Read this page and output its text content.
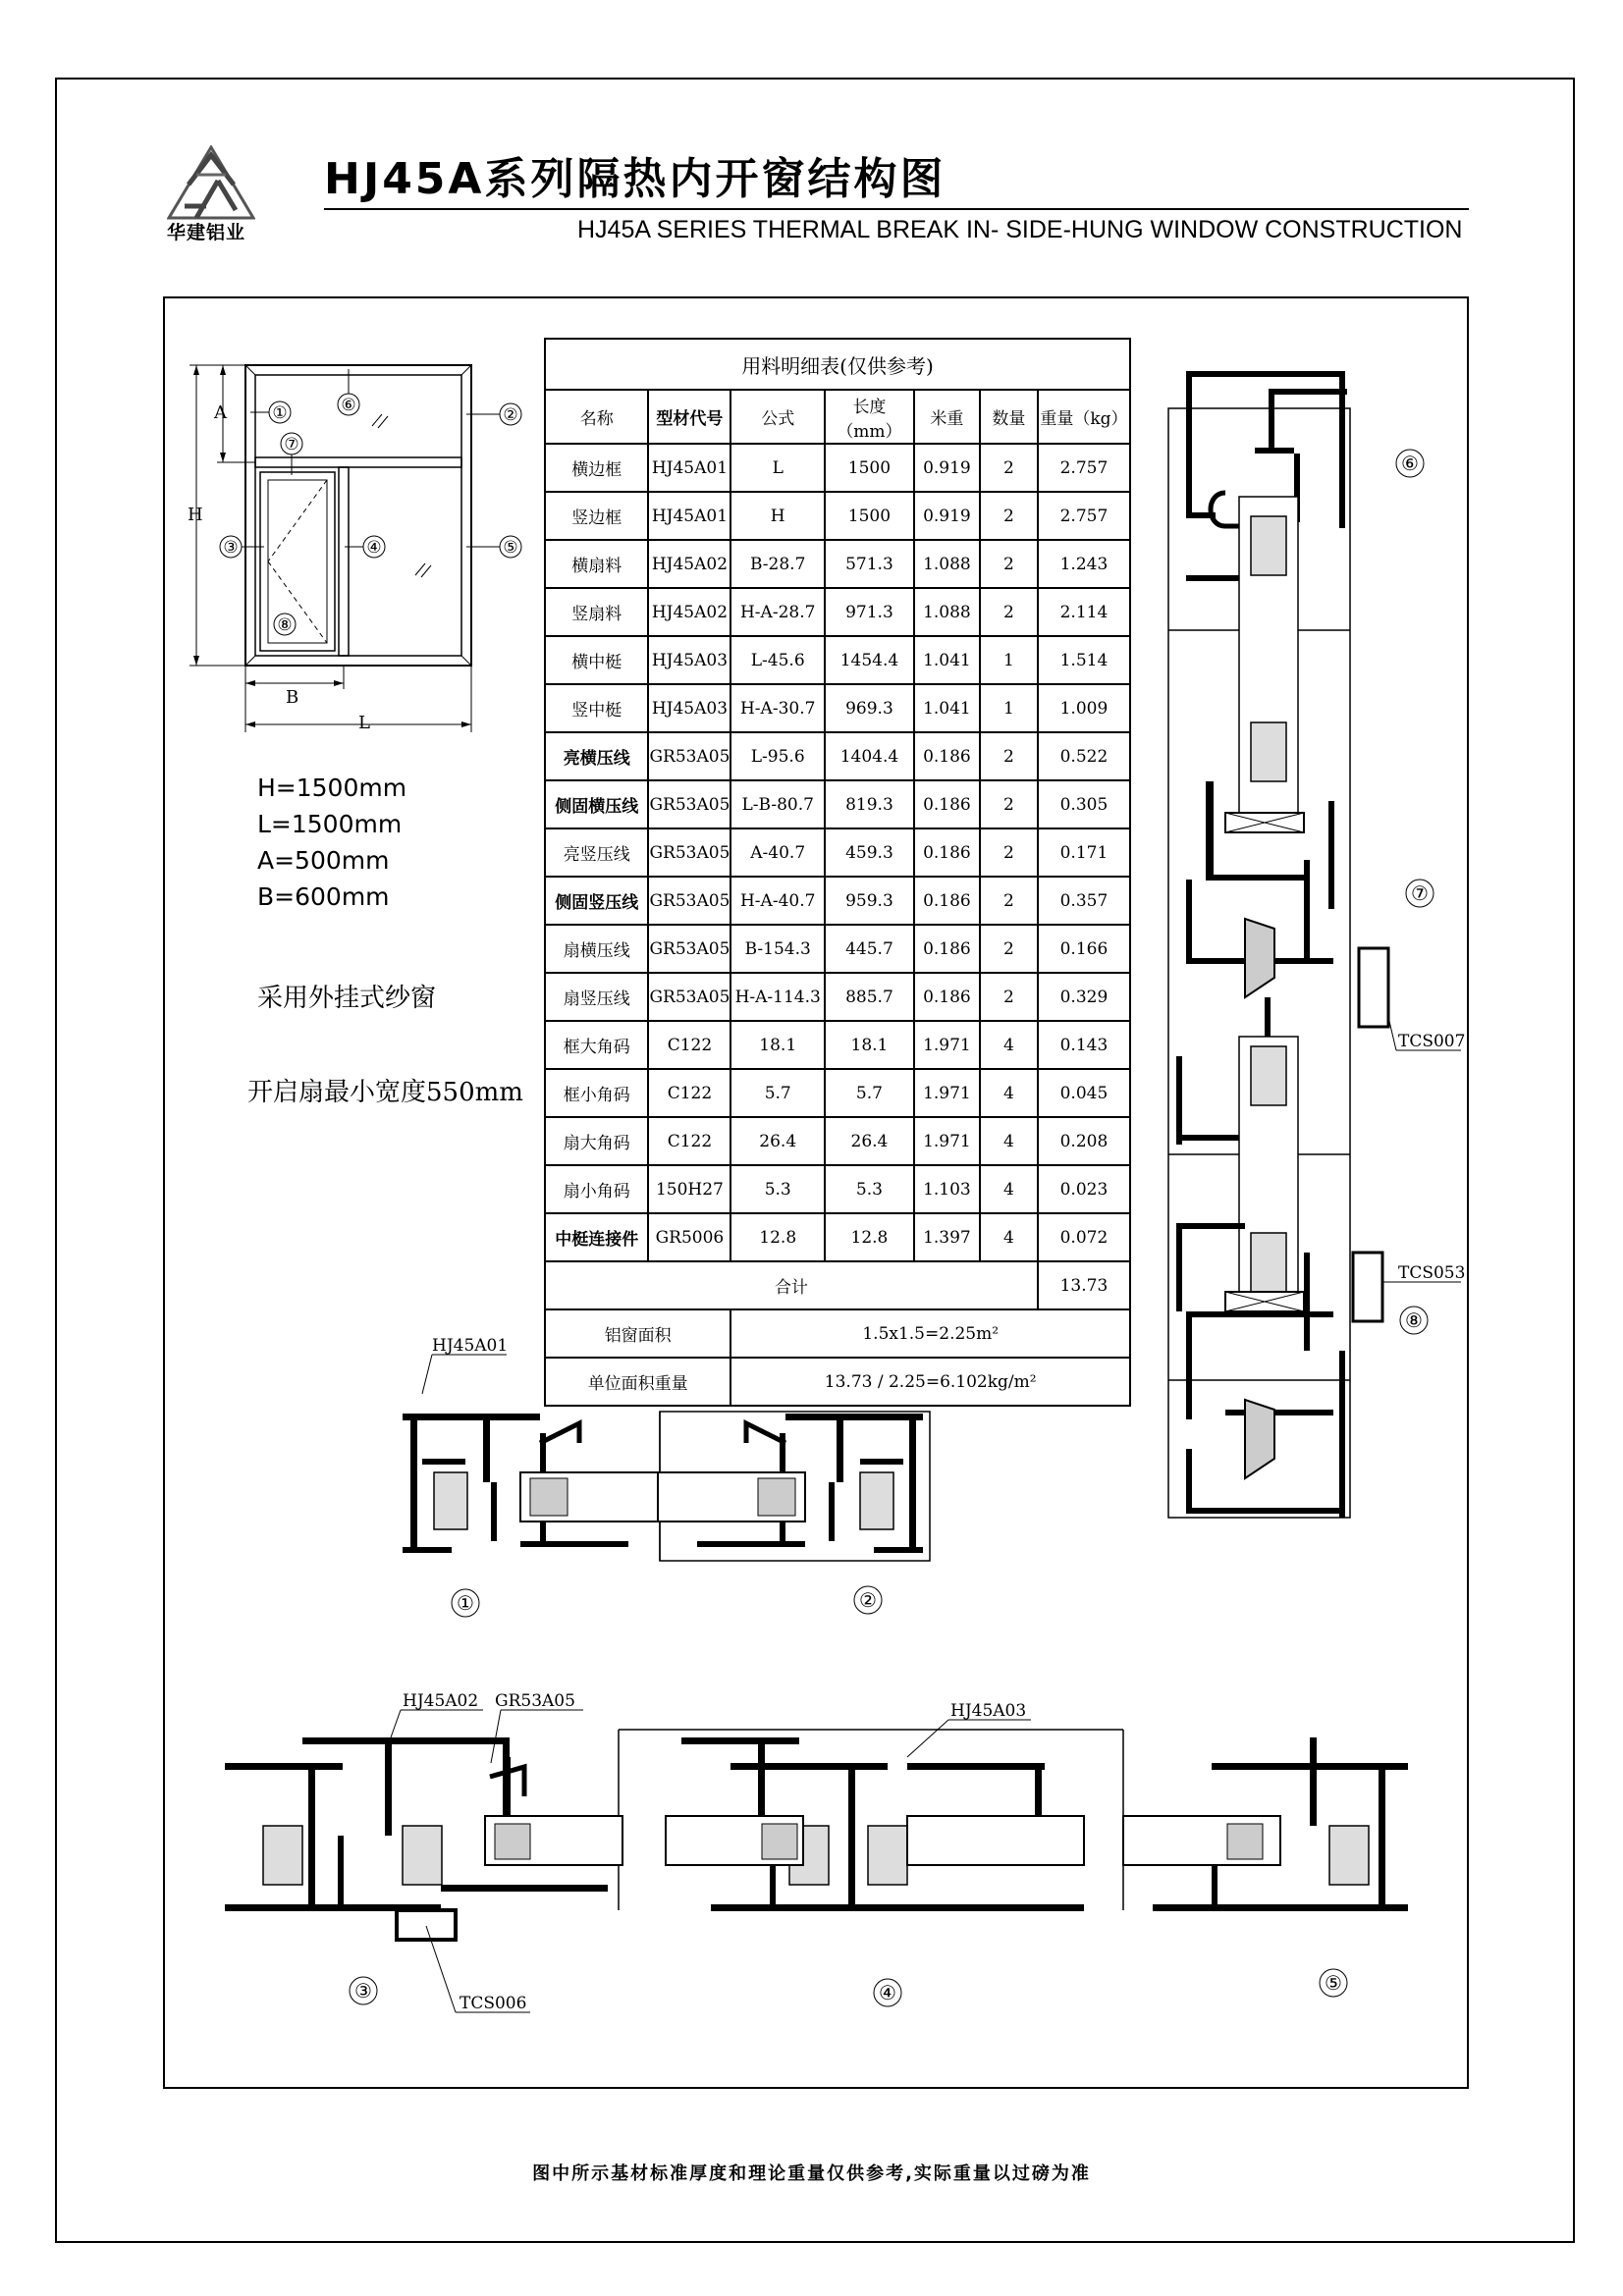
华建铝业
HJ45A系列隔热内开窗结构图
HJ45A SERIES THERMAL BREAK IN- SIDE-HUNG WINDOW CONSTRUCTION
H
A
B
L
①	②
③	④	⑤
⑥
⑦
⑧
H=1500mm
L=1500mm
A=500mm
B=600mm
采用外挂式纱窗
开启扇最小宽度550mm
用料明细表(仅供参考)						
名称	型材代号	公式	长度（mm）	米重	数量	重量（kg）
横边框	HJ45A01	L	1500	0.919	2	2.757
竖边框	HJ45A01	H	1500	0.919	2	2.757
横扇料	HJ45A02	B-28.7	571.3	1.088	2	1.243
竖扇料	HJ45A02	H-A-28.7	971.3	1.088	2	2.114
横中梃	HJ45A03	L-45.6	1454.4	1.041	1	1.514
竖中梃	HJ45A03	H-A-30.7	969.3	1.041	1	1.009
亮横压线	GR53A05	L-95.6	1404.4	0.186	2	0.522
侧固横压线	GR53A05	L-B-80.7	819.3	0.186	2	0.305
亮竖压线	GR53A05	A-40.7	459.3	0.186	2	0.171
侧固竖压线	GR53A05	H-A-40.7	959.3	0.186	2	0.357
扇横压线	GR53A05	B-154.3	445.7	0.186	2	0.166
扇竖压线	GR53A05	H-A-114.3	885.7	0.186	2	0.329
框大角码	C122	18.1	18.1	1.971	4	0.143
框小角码	C122	5.7	5.7	1.971	4	0.045
扇大角码	C122	26.4	26.4	1.971	4	0.208
扇小角码	150H27	5.3	5.3	1.103	4	0.023
中梃连接件	GR5006	12.8	12.8	1.397	4	0.072
合计						13.73
铝窗面积		1.5x1.5=2.25m²				
单位面积重量		13.73 / 2.25=6.102kg/m²				
TCS007
TCS053
⑥
⑦
⑧
HJ45A01
①	②
HJ45A02 GR53A05	HJ45A03
TCS006
③	④	⑤
图中所示基材标准厚度和理论重量仅供参考,实际重量以过磅为准
